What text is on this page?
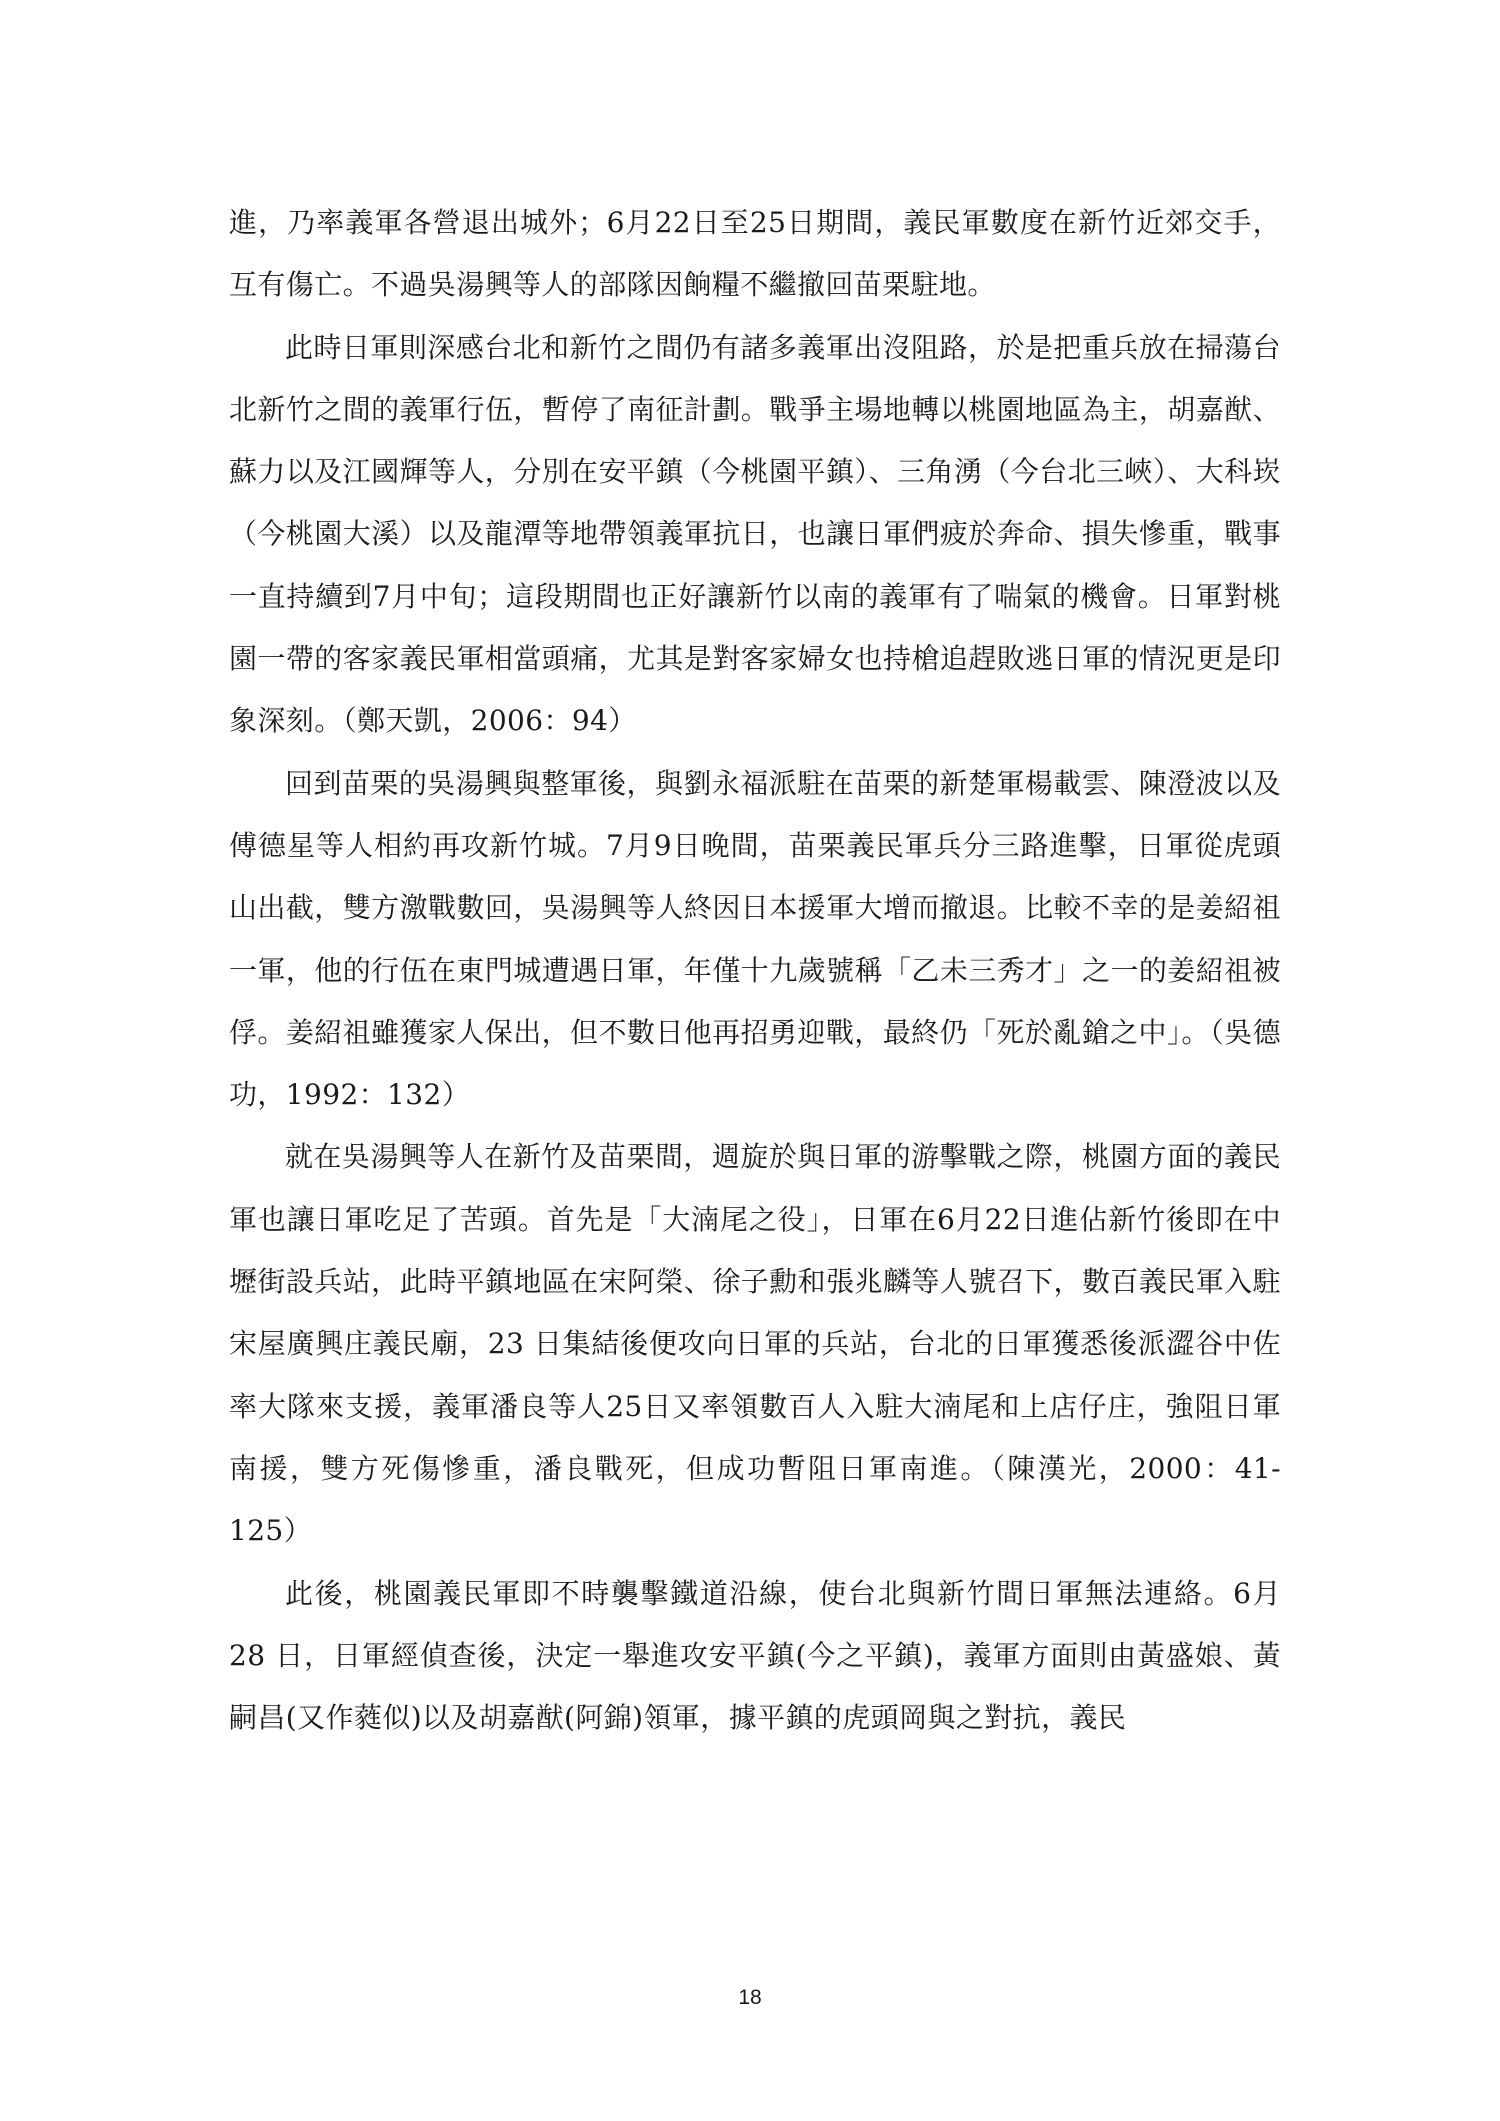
進，乃率義軍各營退出城外；6月22日至25日期間，義民軍數度在新竹近郊交手，互有傷亡。不過吳湯興等人的部隊因餉糧不繼撤回苗栗駐地。

此時日軍則深感台北和新竹之間仍有諸多義軍出沒阻路，於是把重兵放在掃蕩台北新竹之間的義軍行伍，暫停了南征計劃。戰爭主場地轉以桃園地區為主，胡嘉猷、蘇力以及江國輝等人，分別在安平鎮（今桃園平鎮）、三角湧（今台北三峽）、大科崁（今桃園大溪）以及龍潭等地帶領義軍抗日，也讓日軍們疲於奔命、損失慘重，戰事一直持續到7月中旬；這段期間也正好讓新竹以南的義軍有了喘氣的機會。日軍對桃園一帶的客家義民軍相當頭痛，尤其是對客家婦女也持槍追趕敗逃日軍的情況更是印象深刻。（鄭天凱，2006：94）

回到苗栗的吳湯興與整軍後，與劉永福派駐在苗栗的新楚軍楊載雲、陳澄波以及傅德星等人相約再攻新竹城。7月9日晚間，苗栗義民軍兵分三路進擊，日軍從虎頭山出截，雙方激戰數回，吳湯興等人終因日本援軍大增而撤退。比較不幸的是姜紹祖一軍，他的行伍在東門城遭遇日軍，年僅十九歲號稱「乙未三秀才」之一的姜紹祖被俘。姜紹祖雖獲家人保出，但不數日他再招勇迎戰，最終仍「死於亂鎗之中」。（吳德功，1992：132）

就在吳湯興等人在新竹及苗栗間，週旋於與日軍的游擊戰之際，桃園方面的義民軍也讓日軍吃足了苦頭。首先是「大湳尾之役」，日軍在6月22日進佔新竹後即在中壢街設兵站，此時平鎮地區在宋阿榮、徐子勳和張兆麟等人號召下，數百義民軍入駐宋屋廣興庄義民廟，23 日集結後便攻向日軍的兵站，台北的日軍獲悉後派澀谷中佐率大隊來支援，義軍潘良等人25日又率領數百人入駐大湳尾和上店仔庄，強阻日軍南援，雙方死傷慘重，潘良戰死，但成功暫阻日軍南進。（陳漢光，2000：41-125）

此後，桃園義民軍即不時襲擊鐵道沿線，使台北與新竹間日軍無法連絡。6月 28 日，日軍經偵查後，決定一舉進攻安平鎮(今之平鎮)，義軍方面則由黃盛娘、黃嗣昌(又作蕤似)以及胡嘉猷(阿錦)領軍，據平鎮的虎頭岡與之對抗，義民

18
